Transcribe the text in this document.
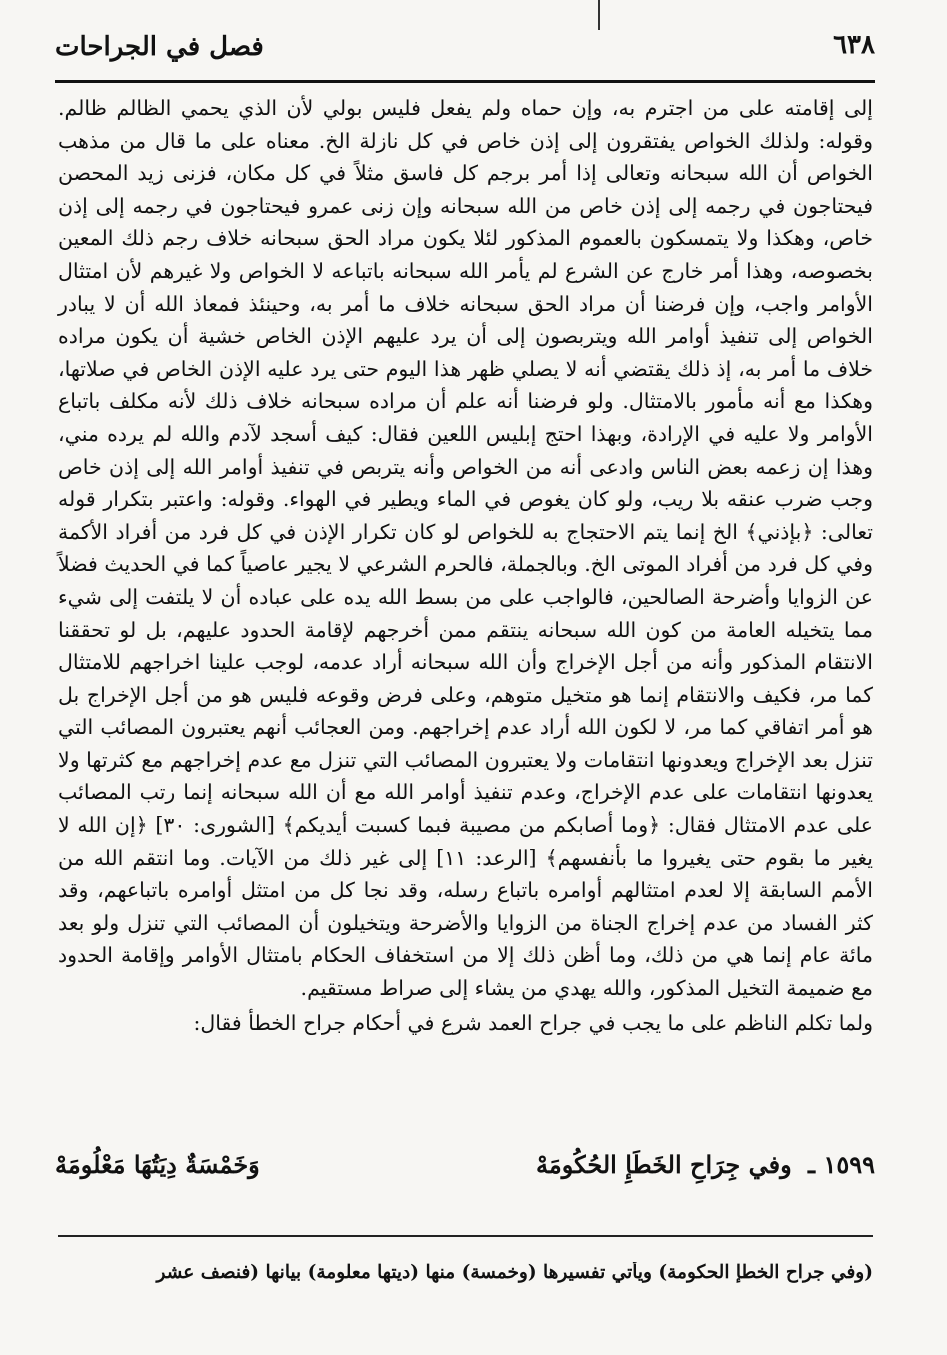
٦٣٨
فصل في الجراحات

إلى إقامته على من اجترم به، وإن حماه ولم يفعل فليس بولي لأن الذي يحمي الظالم ظالم. وقوله: ولذلك الخواص يفتقرون إلى إذن خاص في كل نازلة الخ. معناه على ما قال من مذهب الخواص أن الله سبحانه وتعالى إذا أمر برجم كل فاسق مثلاً في كل مكان، فزنى زيد المحصن فيحتاجون في رجمه إلى إذن خاص من الله سبحانه وإن زنى عمرو فيحتاجون في رجمه إلى إذن خاص، وهكذا ولا يتمسكون بالعموم المذكور لئلا يكون مراد الحق سبحانه خلاف رجم ذلك المعين بخصوصه، وهذا أمر خارج عن الشرع لم يأمر الله سبحانه باتباعه لا الخواص ولا غيرهم لأن امتثال الأوامر واجب، وإن فرضنا أن مراد الحق سبحانه خلاف ما أمر به، وحينئذ فمعاذ الله أن لا يبادر الخواص إلى تنفيذ أوامر الله ويتربصون إلى أن يرد عليهم الإذن الخاص خشية أن يكون مراده خلاف ما أمر به، إذ ذلك يقتضي أنه لا يصلي ظهر هذا اليوم حتى يرد عليه الإذن الخاص في صلاتها، وهكذا مع أنه مأمور بالامتثال. ولو فرضنا أنه علم أن مراده سبحانه خلاف ذلك لأنه مكلف باتباع الأوامر ولا عليه في الإرادة، وبهذا احتج إبليس اللعين فقال: كيف أسجد لآدم والله لم يرده مني، وهذا إن زعمه بعض الناس وادعى أنه من الخواص وأنه يتربص في تنفيذ أوامر الله إلى إذن خاص وجب ضرب عنقه بلا ريب، ولو كان يغوص في الماء ويطير في الهواء. وقوله: واعتبر بتكرار قوله تعالى: ﴿بإذني﴾ الخ إنما يتم الاحتجاج به للخواص لو كان تكرار الإذن في كل فرد من أفراد الأكمة وفي كل فرد من أفراد الموتى الخ. وبالجملة، فالحرم الشرعي لا يجير عاصياً كما في الحديث فضلاً عن الزوايا وأضرحة الصالحين، فالواجب على من بسط الله يده على عباده أن لا يلتفت إلى شيء مما يتخيله العامة من كون الله سبحانه ينتقم ممن أخرجهم لإقامة الحدود عليهم، بل لو تحققنا الانتقام المذكور وأنه من أجل الإخراج وأن الله سبحانه أراد عدمه، لوجب علينا اخراجهم للامتثال كما مر، فكيف والانتقام إنما هو متخيل متوهم، وعلى فرض وقوعه فليس هو من أجل الإخراج بل هو أمر اتفاقي كما مر، لا لكون الله أراد عدم إخراجهم. ومن العجائب أنهم يعتبرون المصائب التي تنزل بعد الإخراج ويعدونها انتقامات ولا يعتبرون المصائب التي تنزل مع عدم إخراجهم مع كثرتها ولا يعدونها انتقامات على عدم الإخراج، وعدم تنفيذ أوامر الله مع أن الله سبحانه إنما رتب المصائب على عدم الامتثال فقال: ﴿وما أصابكم من مصيبة فبما كسبت أيديكم﴾ [الشورى: ٣٠] ﴿إن الله لا يغير ما بقوم حتى يغيروا ما بأنفسهم﴾ [الرعد: ١١] إلى غير ذلك من الآيات. وما انتقم الله من الأمم السابقة إلا لعدم امتثالهم أوامره باتباع رسله، وقد نجا كل من امتثل أوامره باتباعهم، وقد كثر الفساد من عدم إخراج الجناة من الزوايا والأضرحة ويتخيلون أن المصائب التي تنزل ولو بعد مائة عام إنما هي من ذلك، وما أظن ذلك إلا من استخفاف الحكام بامتثال الأوامر وإقامة الحدود مع ضميمة التخيل المذكور، والله يهدي من يشاء إلى صراط مستقيم.

ولما تكلم الناظم على ما يجب في جراح العمد شرع في أحكام جراح الخطأ فقال:

١٥٩٩ ـ وفي جِرَاحِ الخَطَإِ الحُكُومَهْ
وَخَمْسَةٌ دِيَتُهَا مَعْلُومَهْ
(وفي جراح الخطإ الحكومة) ويأتي تفسيرها (وخمسة) منها (ديتها معلومة) بيانها (فنصف عشر
